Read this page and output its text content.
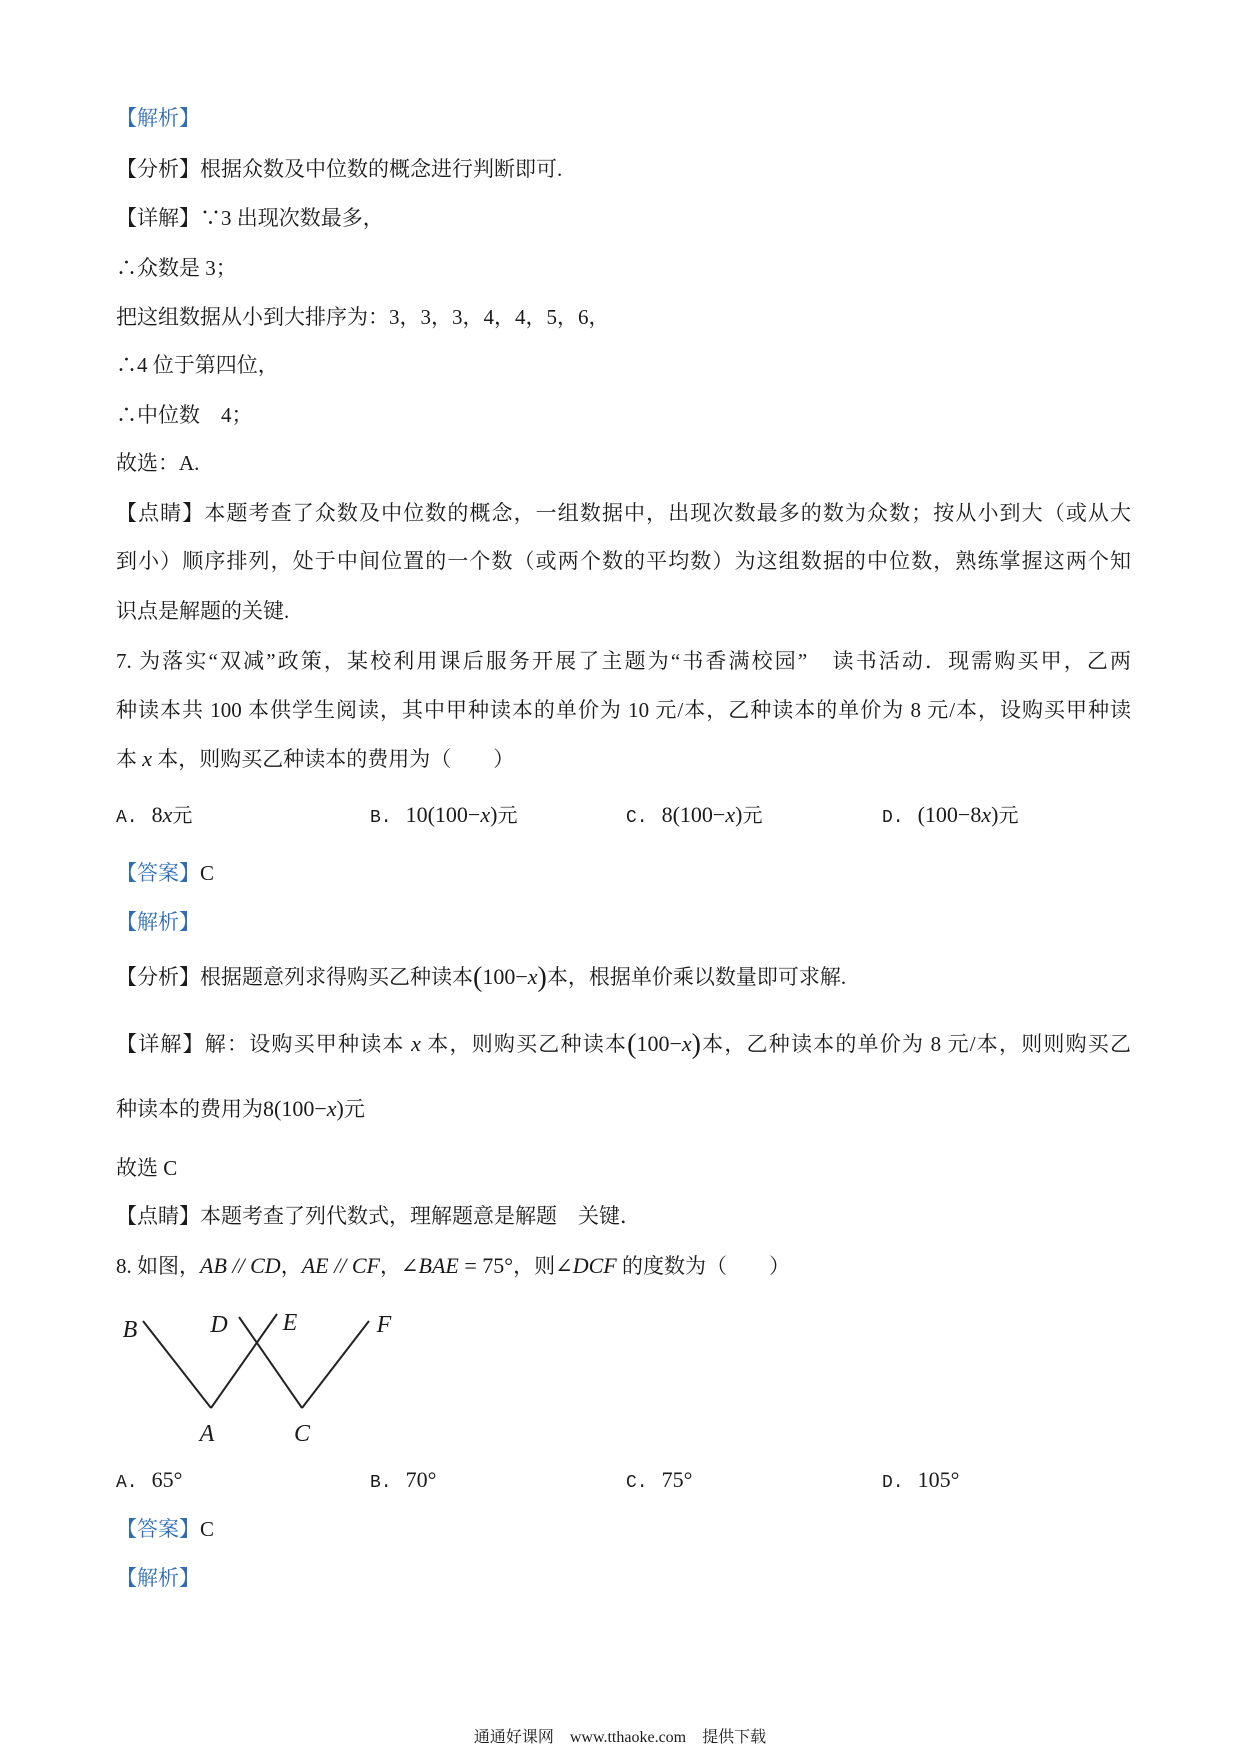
【解析】
【分析】根据众数及中位数的概念进行判断即可.
【详解】∵3 出现次数最多，
∴众数是 3；
把这组数据从小到大排序为：3，3，3，4，4，5，6，
∴4 位于第四位，
∴中位数　4；
故选：A.
【点睛】本题考查了众数及中位数的概念，一组数据中，出现次数最多的数为众数；按从小到大（或从大
到小）顺序排列，处于中间位置的一个数（或两个数的平均数）为这组数据的中位数，熟练掌握这两个知
识点是解题的关键.
7. 为落实“双减”政策，某校利用课后服务开展了主题为“书香满校园”　读书活动．现需购买甲，乙两
种读本共 100 本供学生阅读，其中甲种读本的单价为 10 元/本，乙种读本的单价为 8 元/本，设购买甲种读
本 x 本，则购买乙种读本的费用为（　　）
A. 8x元	B. 10(100−x)元	C. 8(100−x)元	D. (100−8x)元
【答案】C
【解析】
【分析】根据题意列求得购买乙种读本(100−x)本，根据单价乘以数量即可求解.
【详解】解：设购买甲种读本 x 本，则购买乙种读本(100−x)本，乙种读本的单价为 8 元/本，则则购买乙
种读本的费用为8(100−x)元
故选 C
【点睛】本题考查了列代数式，理解题意是解题　关键．
8. 如图，AB // CD，AE // CF，∠BAE = 75°，则∠DCF 的度数为（　　）
B	D E	F
A	C
A. 65°	B. 70°	C. 75°	D. 105°
【答案】C
【解析】
通通好课网　www.tthaoke.com　提供下载
